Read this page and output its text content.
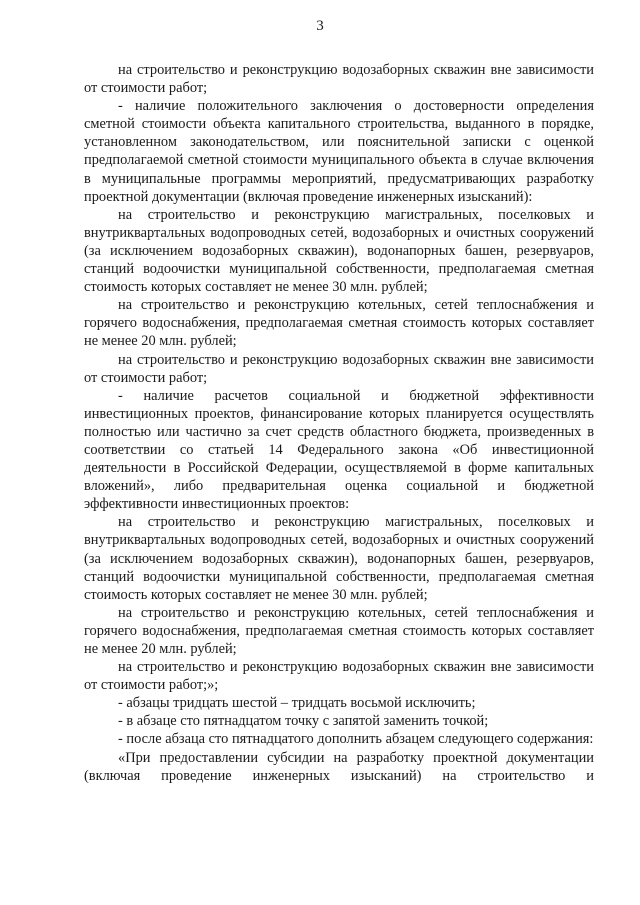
3

на строительство и реконструкцию водозаборных скважин вне зависимости от стоимости работ;

- наличие положительного заключения о достоверности определения сметной стоимости объекта капитального строительства, выданного в порядке, установленном законодательством, или пояснительной записки с оценкой предполагаемой сметной стоимости муниципального объекта в случае включения в муниципальные программы мероприятий, предусматривающих разработку проектной документации (включая проведение инженерных изысканий):

на строительство и реконструкцию магистральных, поселковых и внутриквартальных водопроводных сетей, водозаборных и очистных сооружений (за исключением водозаборных скважин), водонапорных башен, резервуаров, станций водоочистки муниципальной собственности, предполагаемая сметная стоимость которых составляет не менее 30 млн. рублей;

на строительство и реконструкцию котельных, сетей теплоснабжения и горячего водоснабжения, предполагаемая сметная стоимость которых составляет не менее 20 млн. рублей;

на строительство и реконструкцию водозаборных скважин вне зависимости от стоимости работ;

- наличие расчетов социальной и бюджетной эффективности инвестиционных проектов, финансирование которых планируется осуществлять полностью или частично за счет средств областного бюджета, произведенных в соответствии со статьей 14 Федерального закона «Об инвестиционной деятельности в Российской Федерации, осуществляемой в форме капитальных вложений», либо предварительная оценка социальной и бюджетной эффективности инвестиционных проектов:

на строительство и реконструкцию магистральных, поселковых и внутриквартальных водопроводных сетей, водозаборных и очистных сооружений (за исключением водозаборных скважин), водонапорных башен, резервуаров, станций водоочистки муниципальной собственности, предполагаемая сметная стоимость которых составляет не менее 30 млн. рублей;

на строительство и реконструкцию котельных, сетей теплоснабжения и горячего водоснабжения, предполагаемая сметная стоимость которых составляет не менее 20 млн. рублей;

на строительство и реконструкцию водозаборных скважин вне зависимости от стоимости работ;»;

- абзацы тридцать шестой – тридцать восьмой исключить;

- в абзаце сто пятнадцатом точку с запятой заменить точкой;

- после абзаца сто пятнадцатого дополнить абзацем следующего содержания:

«При предоставлении субсидии на разработку проектной документации (включая проведение инженерных изысканий) на строительство и
